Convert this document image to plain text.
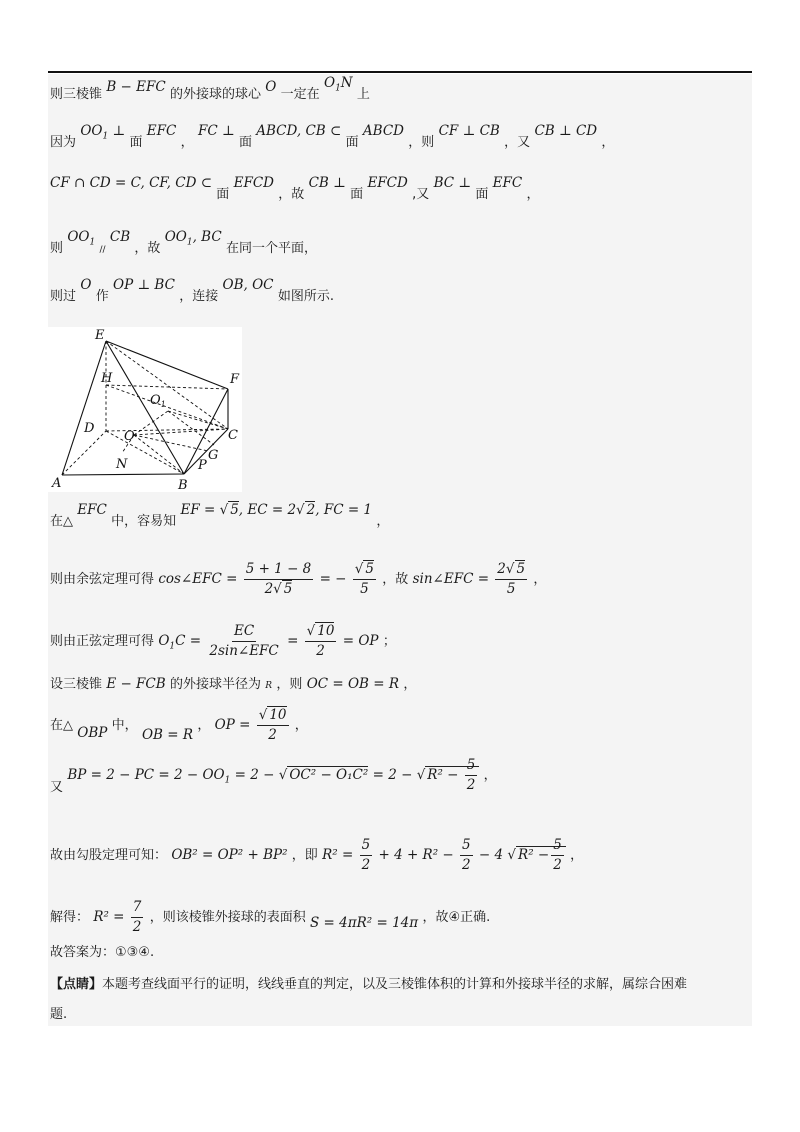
则三棱锥 B − EFC 的外接球的球心 O 一定在 $O_1N$ 上
因为 $OO_1$ ⊥ 面 EFC ， FC ⊥ 面 ABCD, CB ⊂ 面 ABCD ，则 CF ⊥ CB ，又 CB ⊥ CD ，
CF ∩ CD = C, CF, CD ⊂ 面 EFCD ，故 CB ⊥ 面 EFCD ,又 BC ⊥ 面 EFC ，
则 $OO_1$ // CB ，故 $OO_1$, BC 在同一个平面，
则过 O 作 OP ⊥ BC ，连接 OB, OC 如图所示.
E
H	F
$O_1$
D	C
O
N
G
P
A	B
在△ EFC 中，容易知 EF = √ 5, EC = 2√ 2, FC = 1 ，
则由余弦定理可得 cos∠EFC = $\frac{5 + 1 - 8}{2√ 5}$ = − $\frac{√ 5}{5}$ ，故 sin∠EFC = $\frac{2√ 5}{5}$ ，
则由正弦定理可得 $O_1C = \frac{EC}{\text{2sin∠EFC}} = \frac{√ 10}{2}$ = OP ；
设三棱锥 E − FCB 的外接球半径为 R ，则 OC = OB = R ，
在△ OBP 中， OB = R ， OP = $\frac{√ 10}{2}$ ，
又 BP = 2 − PC = $2 - OO_1 = 2$ − √ OC² − O₁C² = 2 − √ $R^2 - \frac{5}{2}$ ，
故由勾股定理可知： OB² = OP² + BP² ，即 $R^2 = \frac{5}{2} + 4 + R^2 - \frac{5}{2} - 4$ √ $R^2 - \frac{5}{2}$ ，
解得： $R^2 = \frac{7}{2}$ ，则该棱锥外接球的表面积 S = 4πR² = 14π ，故④正确.
故答案为：①③④.
【点睛】本题考查线面平行的证明，线线垂直的判定，以及三棱锥体积的计算和外接球半径的求解，属综合困难
题.
